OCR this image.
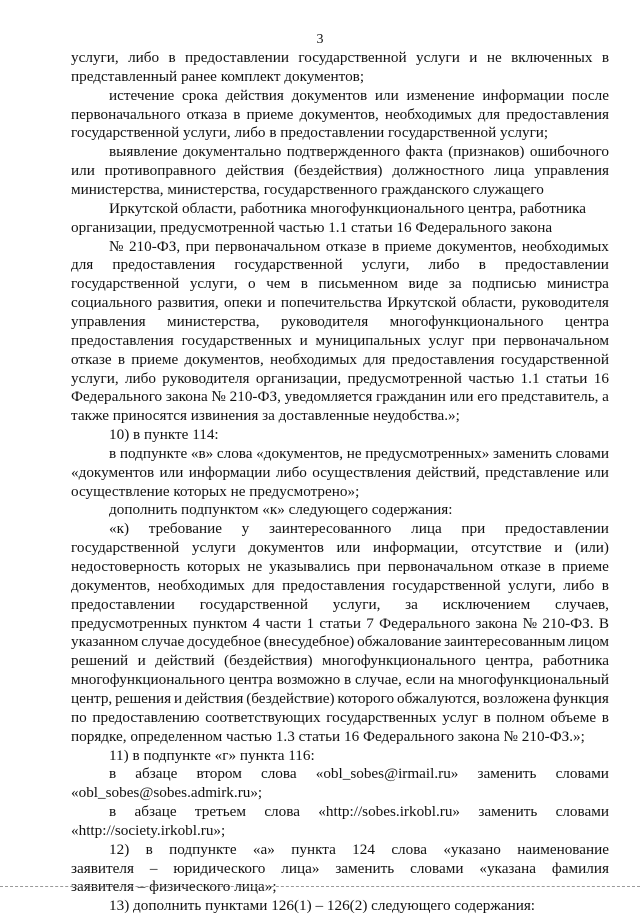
3
услуги, либо в предоставлении государственной услуги и не включенных в
представленный ранее комплект документов;
истечение срока действия документов или изменение информации после
первоначального отказа в приеме документов, необходимых для предоставления
государственной услуги, либо в предоставлении государственной услуги;
выявление документально подтвержденного факта (признаков) ошибочного
или противоправного действия (бездействия) должностного лица управления
министерства, министерства, государственного гражданского служащего
Иркутской области, работника многофункционального центра, работника
организации, предусмотренной частью 1.1 статьи 16 Федерального закона
№ 210-ФЗ, при первоначальном отказе в приеме документов, необходимых
для предоставления государственной услуги, либо в предоставлении
государственной услуги, о чем в письменном виде за подписью министра
социального развития, опеки и попечительства Иркутской области, руководителя
управления министерства, руководителя многофункционального центра
предоставления государственных и муниципальных услуг при первоначальном
отказе в приеме документов, необходимых для предоставления государственной
услуги, либо руководителя организации, предусмотренной частью 1.1 статьи 16
Федерального закона № 210-ФЗ, уведомляется гражданин или его представитель, а
также приносятся извинения за доставленные неудобства.»;
10) в пункте 114:
в подпункте «в» слова «документов, не предусмотренных» заменить словами
«документов или информации либо осуществления действий, представление или
осуществление которых не предусмотрено»;
дополнить подпунктом «к» следующего содержания:
«к) требование у заинтересованного лица при предоставлении
государственной услуги документов или информации, отсутствие и (или)
недостоверность которых не указывались при первоначальном отказе в приеме
документов, необходимых для предоставления государственной услуги, либо в
предоставлении государственной услуги, за исключением случаев,
предусмотренных пунктом 4 части 1 статьи 7 Федерального закона № 210-ФЗ. В
указанном случае досудебное (внесудебное) обжалование заинтересованным лицом
решений и действий (бездействия) многофункционального центра, работника
многофункционального центра возможно в случае, если на многофункциональный
центр, решения и действия (бездействие) которого обжалуются, возложена функция
по предоставлению соответствующих государственных услуг в полном объеме в
порядке, определенном частью 1.3 статьи 16 Федерального закона № 210-ФЗ.»;
11) в подпункте «г» пункта 116:
в абзаце втором слова «obl_sobes@irmail.ru» заменить словами
«obl_sobes@sobes.admirk.ru»;
в абзаце третьем слова «http://sobes.irkobl.ru» заменить словами
«http://society.irkobl.ru»;
12) в подпункте «а» пункта 124 слова «указано наименование
заявителя – юридического лица» заменить словами «указана фамилия
заявителя – физического лица»;
13) дополнить пунктами 126(1) – 126(2) следующего содержания:
